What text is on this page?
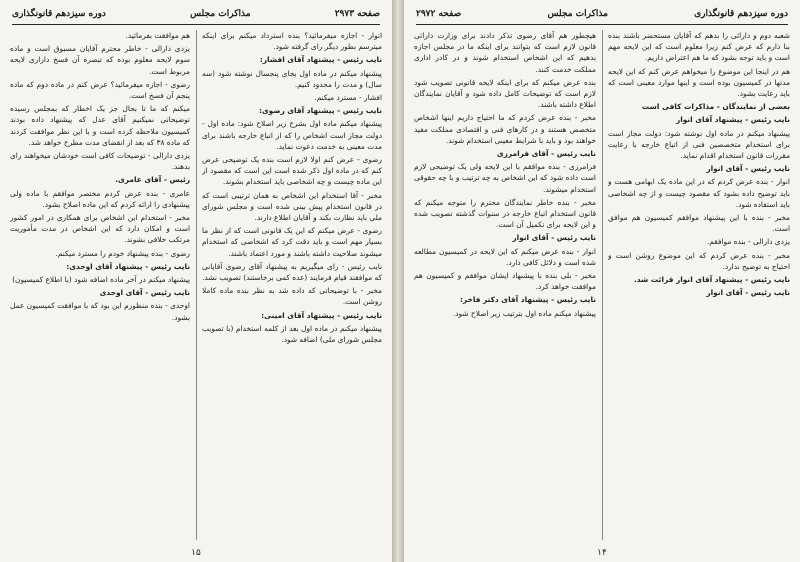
صفحه ۲۹۷۳
مذاکرات مجلس
دوره سیزدهم قانونگذاری

هم موافقت بفرمائید.

یزدی دارالی - خاطر محترم آقایان مسبوق است و ماده سوم لایحه معلوم بوده که تبصره آن فسخ داراری لایحه مربوط است.

رضوی - اجازه میفرمائید؟ عرض کنم در ماده دوم که ماده پنجم آن فسخ است.

میکنم که ما تا بحال جز یک اخطار که بمجلس رسیده توضیحاتی نمیکنیم آقای عدل که پیشنهاد داده بودند کمیسیون ملاحظه کرده است و با این نظر موافقت کردند که ماده ۳۸ که بعد از انقضای مدت مطرح خواهد شد.

یزدی دارالی - توضیحات کافی است خودشان میخواهند رای بدهند.

رئیس - آقای عامری.

عامری - بنده عرض کردم مختصر موافقم با ماده ولی پیشنهادی را ارائه کردم که این ماده اصلاح بشود.

مخبر - استخدام این اشخاص برای همکاری در امور کشور است و امکان دارد که این اشخاص در مدت مأموریت مرتکب خلافی بشوند.

رضوی - بنده پیشنهاد خودم را مسترد میکنم.

نایب رئیس - پیشنهاد آقای اوحدی:

پیشنهاد میکنم در آخر ماده اضافه شود (با اطلاع کمیسیون)

نایب رئیس - آقای اوحدی

اوحدی - بنده منظورم این بود که با موافقت کمیسیون عمل بشود.

انوار - اجازه میفرمائید؟ بنده استرداد میکنم برای اینکه میترسم بطور دیگر رای گرفته شود.

نایب رئیس - پیشنهاد آقای افشار:

پیشنهاد میکنم در ماده اول بجای پنجسال نوشته شود (سه سال) و مدت را محدود کنیم.

افشار - مسترد میکنم.

نایب رئیس - پیشنهاد آقای رضوی:

پیشنهاد میکنم ماده اول بشرح زیر اصلاح شود: ماده اول - دولت مجاز است اشخاص را که از اتباع خارجه باشند برای مدت معینی به خدمت دعوت نماید.

رضوی - عرض کنم اولا لازم است بنده یک توضیحی عرض کنم که در ماده اول ذکر شده است این است که مقصود از این ماده چیست و چه اشخاصی باید استخدام بشوند.

مخبر - آقا استخدام این اشخاص به همان ترتیبی است که در قانون استخدام پیش بینی شده است و مجلس شورای ملی باید نظارت بکند و آقایان اطلاع دارند.

رضوی - عرض میکنم که این یک قانونی است که از نظر ما بسیار مهم است و باید دقت کرد که اشخاصی که استخدام میشوند صلاحیت داشته باشند و مورد اعتماد باشند.

نایب رئیس - رای میگیریم به پیشنهاد آقای رضوی آقایانی که موافقند قیام فرمایند (عده کمی برخاستند) تصویب نشد.

مخبر - با توضیحاتی که داده شد به نظر بنده ماده کاملا روشن است.

نایب رئیس - پیشنهاد آقای امینی:

پیشنهاد میکنم در ماده اول بعد از کلمه استخدام (با تصویب مجلس شورای ملی) اضافه شود.

۱۵
دوره سیزدهم قانونگذاری
مذاکرات مجلس
صفحه ۲۹۷۲

هیچطور هم آقای رضوی تذکر دادند برای وزارت دارائی قانون لازم است که بتوانند برای اینکه ما در مجلس اجازه بدهیم که این اشخاص استخدام شوند و در کادر اداری مملکت خدمت کنند.

بنده عرض میکنم که برای اینکه لایحه قانونی تصویب شود لازم است که توضیحات کامل داده شود و آقایان نمایندگان اطلاع داشته باشند.

مخبر - بنده عرض کردم که ما احتیاج داریم اینها اشخاص متخصص هستند و در کارهای فنی و اقتصادی مملکت مفید خواهند بود و باید با شرایط معینی استخدام شوند.

نایب رئیس - آقای فرامرزی

فرامرزی - بنده موافقم با این لایحه ولی یک توضیحی لازم است داده شود که این اشخاص به چه ترتیب و با چه حقوقی استخدام میشوند.

مخبر - بنده خاطر نمایندگان محترم را متوجه میکنم که قانون استخدام اتباع خارجه در سنوات گذشته تصویب شده و این لایحه برای تکمیل آن است.

نایب رئیس - آقای انوار

انوار - بنده عرض میکنم که این لایحه در کمیسیون مطالعه شده است و دلائل کافی دارد.

مخبر - بلی بنده با پیشنهاد ایشان موافقم و کمیسیون هم موافقت خواهد کرد.

نایب رئیس - پیشنهاد آقای دکتر فاخر:

پیشنهاد میکنم ماده اول بترتیب زیر اصلاح شود.

شعبه دوم و دارائی را بدهم که آقایان مستحضر باشند بنده بنا دارم که عرض کنم زیرا معلوم است که این لایحه مهم است و باید توجه بشود که ما هم اعتراض داریم.

هم در اینجا این موضوع را میخواهم عرض کنم که این لایحه مدتها در کمیسیون بوده است و اینها موارد معینی است که باید رعایت بشود.

بعضی از نمایندگان - مذاکرات کافی است

نایب رئیس - پیشنهاد آقای انوار

پیشنهاد میکنم در ماده اول نوشته شود: دولت مجاز است برای استخدام متخصصین فنی از اتباع خارجه با رعایت مقررات قانون استخدام اقدام نماید.

نایب رئیس - آقای انوار

انوار - بنده عرض کردم که در این ماده یک ابهامی هست و باید توضیح داده بشود که مقصود چیست و از چه اشخاصی باید استفاده شود.

مخبر - بنده با این پیشنهاد موافقم کمیسیون هم موافق است.

یزدی دارالی - بنده موافقم.

مخبر - بنده عرض کردم که این موضوع روشن است و احتیاج به توضیح ندارد.

نایب رئیس - پیشنهاد آقای انوار قرائت شد.

نایب رئیس - آقای انوار

۱۴
